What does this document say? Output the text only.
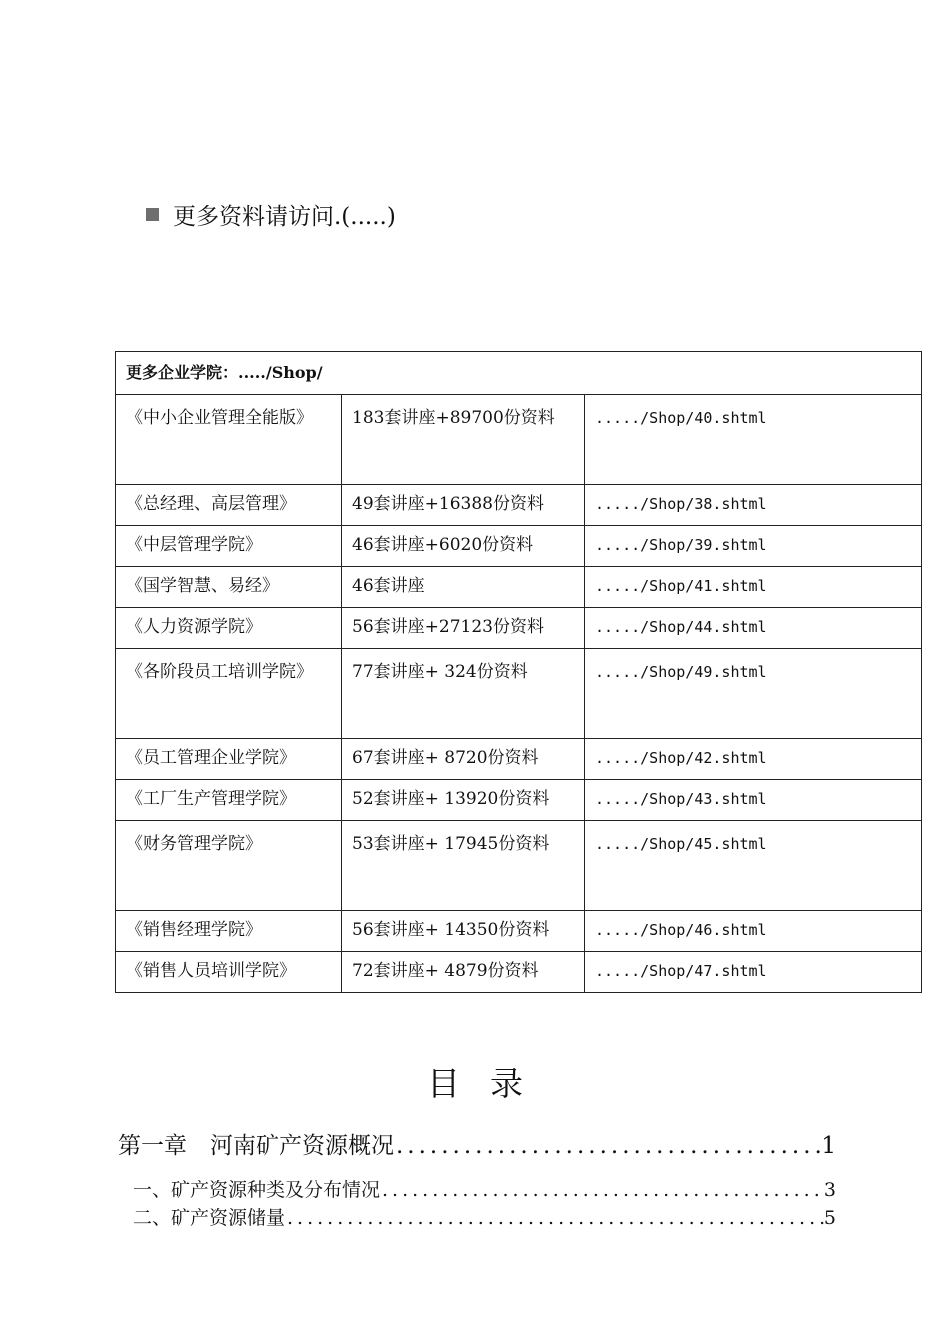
更多资料请访问.(.....)
更多企业学院：...../Shop/		
《中小企业管理全能版》	183套讲座+89700份资料	...../Shop/40.shtml
《总经理、高层管理》	49套讲座+16388份资料	...../Shop/38.shtml
《中层管理学院》	46套讲座+6020份资料	...../Shop/39.shtml
《国学智慧、易经》	46套讲座	...../Shop/41.shtml
《人力资源学院》	56套讲座+27123份资料	...../Shop/44.shtml
《各阶段员工培训学院》	77套讲座+ 324份资料	...../Shop/49.shtml
《员工管理企业学院》	67套讲座+ 8720份资料	...../Shop/42.shtml
《工厂生产管理学院》	52套讲座+ 13920份资料	...../Shop/43.shtml
《财务管理学院》	53套讲座+ 17945份资料	...../Shop/45.shtml
《销售经理学院》	56套讲座+ 14350份资料	...../Shop/46.shtml
《销售人员培训学院》	72套讲座+ 4879份资料	...../Shop/47.shtml
目录
第一章　河南矿产资源概况 .....	1
一、矿产资源种类及分布情况 .....	3
二、矿产资源储量 .....	5
